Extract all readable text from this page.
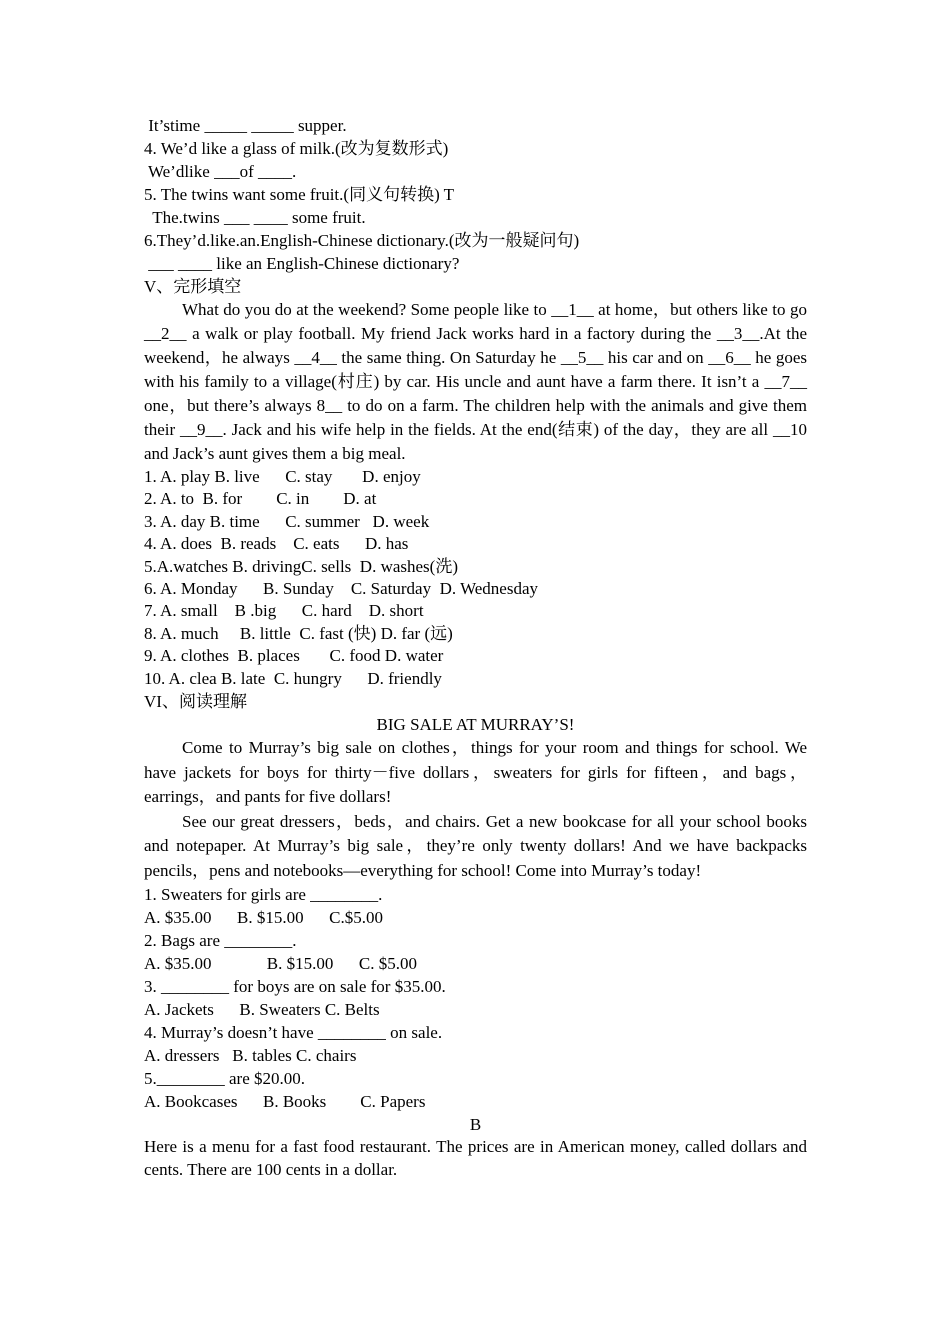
It’stime _____ _____ supper.

4. We’d like a glass of milk.(改为复数形式)

We’dlike ___of ____.

5. The twins want some fruit.(同义句转换) T

The.twins ___ ____ some fruit.

6.They’d.like.an.English-Chinese dictionary.(改为一般疑问句)

___ ____ like an English-Chinese dictionary?

V、完形填空

What do you do at the weekend? Some people like to __1__ at home，but others like to go __2__ a walk or play football. My friend Jack works hard in a factory during the __3__.At the weekend，he always __4__ the same thing. On Saturday he __5__ his car and on __6__ he goes with his family to a village(村庄) by car. His uncle and aunt have a farm there. It isn’t a __7__ one，but there’s always 8__ to do on a farm. The children help with the animals and give them their __9__. Jack and his wife help in the fields. At the end(结束) of the day，they are all __10 and Jack’s aunt gives them a big meal.

1. A. play B. live      C. stay       D. enjoy

2. A. to  B. for        C. in        D. at

3. A. day B. time      C. summer   D. week

4. A. does  B. reads    C. eats      D. has

5.A.watches B. drivingC. sells  D. washes(洗)

6. A. Monday      B. Sunday    C. Saturday  D. Wednesday

7. A. small    B .big      C. hard    D. short

8. A. much     B. little  C. fast (快) D. far (远)

9. A. clothes  B. places       C. food D. water

10. A. clea B. late  C. hungry      D. friendly

VI、阅读理解

BIG SALE AT MURRAY’S!

Come to Murray’s big sale on clothes，things for your room and things for school. We have jackets for boys for thirty－five dollars，sweaters for girls for fifteen，and bags，earrings，and pants for five dollars!

See our great dressers，beds，and chairs. Get a new bookcase for all your school books and notepaper. At Murray’s big sale，they’re only twenty dollars! And we have backpacks pencils，pens and notebooks—everything for school! Come into Murray’s today!

1. Sweaters for girls are ________.

A. $35.00      B. $15.00      C.$5.00

2. Bags are ________.

A. $35.00             B. $15.00      C. $5.00

3. ________ for boys are on sale for $35.00.

A. Jackets      B. Sweaters C. Belts

4. Murray’s doesn’t have ________ on sale.

A. dressers   B. tables C. chairs

5.________ are $20.00.

A. Bookcases      B. Books        C. Papers

B

Here is a menu for a fast food restaurant. The prices are in American money, called dollars and cents. There are 100 cents in a dollar.
